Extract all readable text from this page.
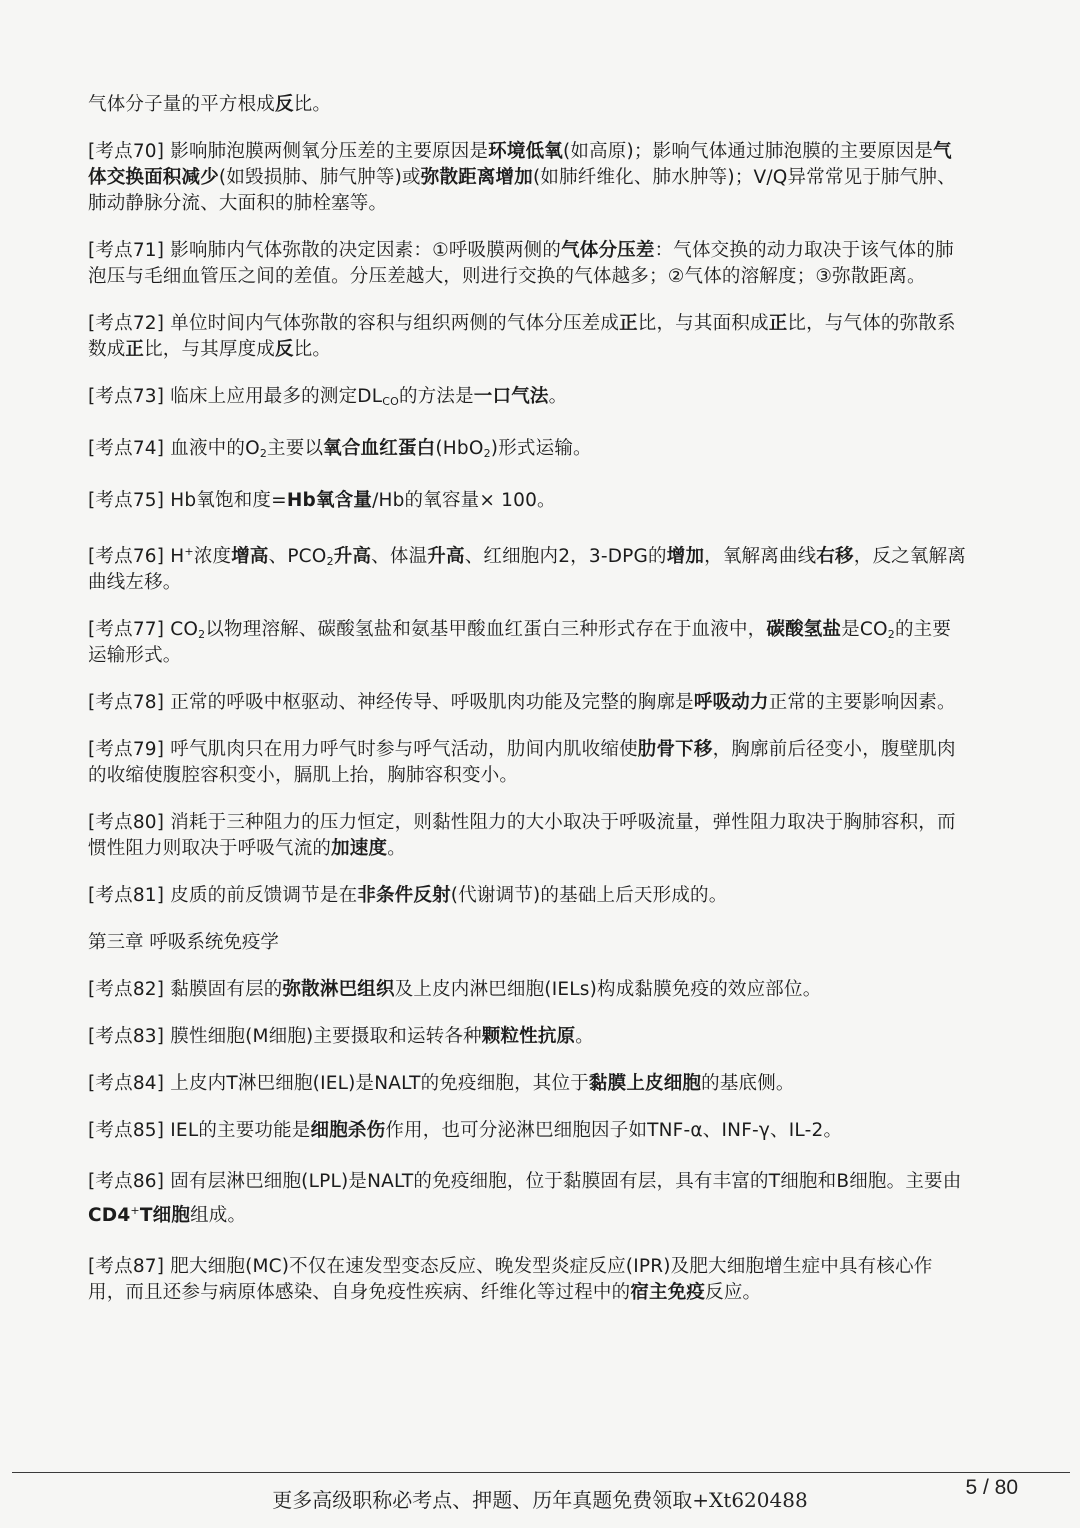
气体分子量的平方根成反比。

[考点70] 影响肺泡膜两侧氧分压差的主要原因是环境低氧(如高原)；影响气体通过肺泡膜的主要原因是气体交换面积减少(如毁损肺、肺气肿等)或弥散距离增加(如肺纤维化、肺水肿等)；V/Q异常常见于肺气肿、肺动静脉分流、大面积的肺栓塞等。

[考点71] 影响肺内气体弥散的决定因素：①呼吸膜两侧的气体分压差：气体交换的动力取决于该气体的肺泡压与毛细血管压之间的差值。分压差越大，则进行交换的气体越多；②气体的溶解度；③弥散距离。

[考点72] 单位时间内气体弥散的容积与组织两侧的气体分压差成正比，与其面积成正比，与气体的弥散系数成正比，与其厚度成反比。

[考点73] 临床上应用最多的测定$DL_{CO}$的方法是一口气法。

[考点74] 血液中的$O_2$主要以氧合血红蛋白(HbO$_2$)形式运输。

[考点75] Hb氧饱和度=Hb氧含量/Hb的氧容量× 100。

[考点76] H+浓度增高、$PCO_2$升高、体温升高、红细胞内2，3-DPG的增加，氧解离曲线右移，反之氧解离曲线左移。

[考点77] $CO_2$以物理溶解、碳酸氢盐和氨基甲酸血红蛋白三种形式存在于血液中，碳酸氢盐是$CO_2$的主要运输形式。

[考点78] 正常的呼吸中枢驱动、神经传导、呼吸肌肉功能及完整的胸廓是呼吸动力正常的主要影响因素。

[考点79] 呼气肌肉只在用力呼气时参与呼气活动，肋间内肌收缩使肋骨下移，胸廓前后径变小，腹壁肌肉的收缩使腹腔容积变小，膈肌上抬，胸肺容积变小。

[考点80] 消耗于三种阻力的压力恒定，则黏性阻力的大小取决于呼吸流量，弹性阻力取决于胸肺容积，而惯性阻力则取决于呼吸气流的加速度。

[考点81] 皮质的前反馈调节是在非条件反射(代谢调节)的基础上后天形成的。

第三章 呼吸系统免疫学

[考点82] 黏膜固有层的弥散淋巴组织及上皮内淋巴细胞(IELs)构成黏膜免疫的效应部位。

[考点83] 膜性细胞(M细胞)主要摄取和运转各种颗粒性抗原。

[考点84] 上皮内T淋巴细胞(IEL)是NALT的免疫细胞，其位于黏膜上皮细胞的基底侧。

[考点85] IEL的主要功能是细胞杀伤作用，也可分泌淋巴细胞因子如TNF-α、INF-γ、IL-2。

[考点86] 固有层淋巴细胞(LPL)是NALT的免疫细胞，位于黏膜固有层，具有丰富的T细胞和B细胞。主要由CD4+T细胞组成。

[考点87] 肥大细胞(MC)不仅在速发型变态反应、晚发型炎症反应(IPR)及肥大细胞增生症中具有核心作用，而且还参与病原体感染、自身免疫性疾病、纤维化等过程中的宿主免疫反应。

更多高级职称必考点、押题、历年真题免费领取+Xt620488
5 / 80
